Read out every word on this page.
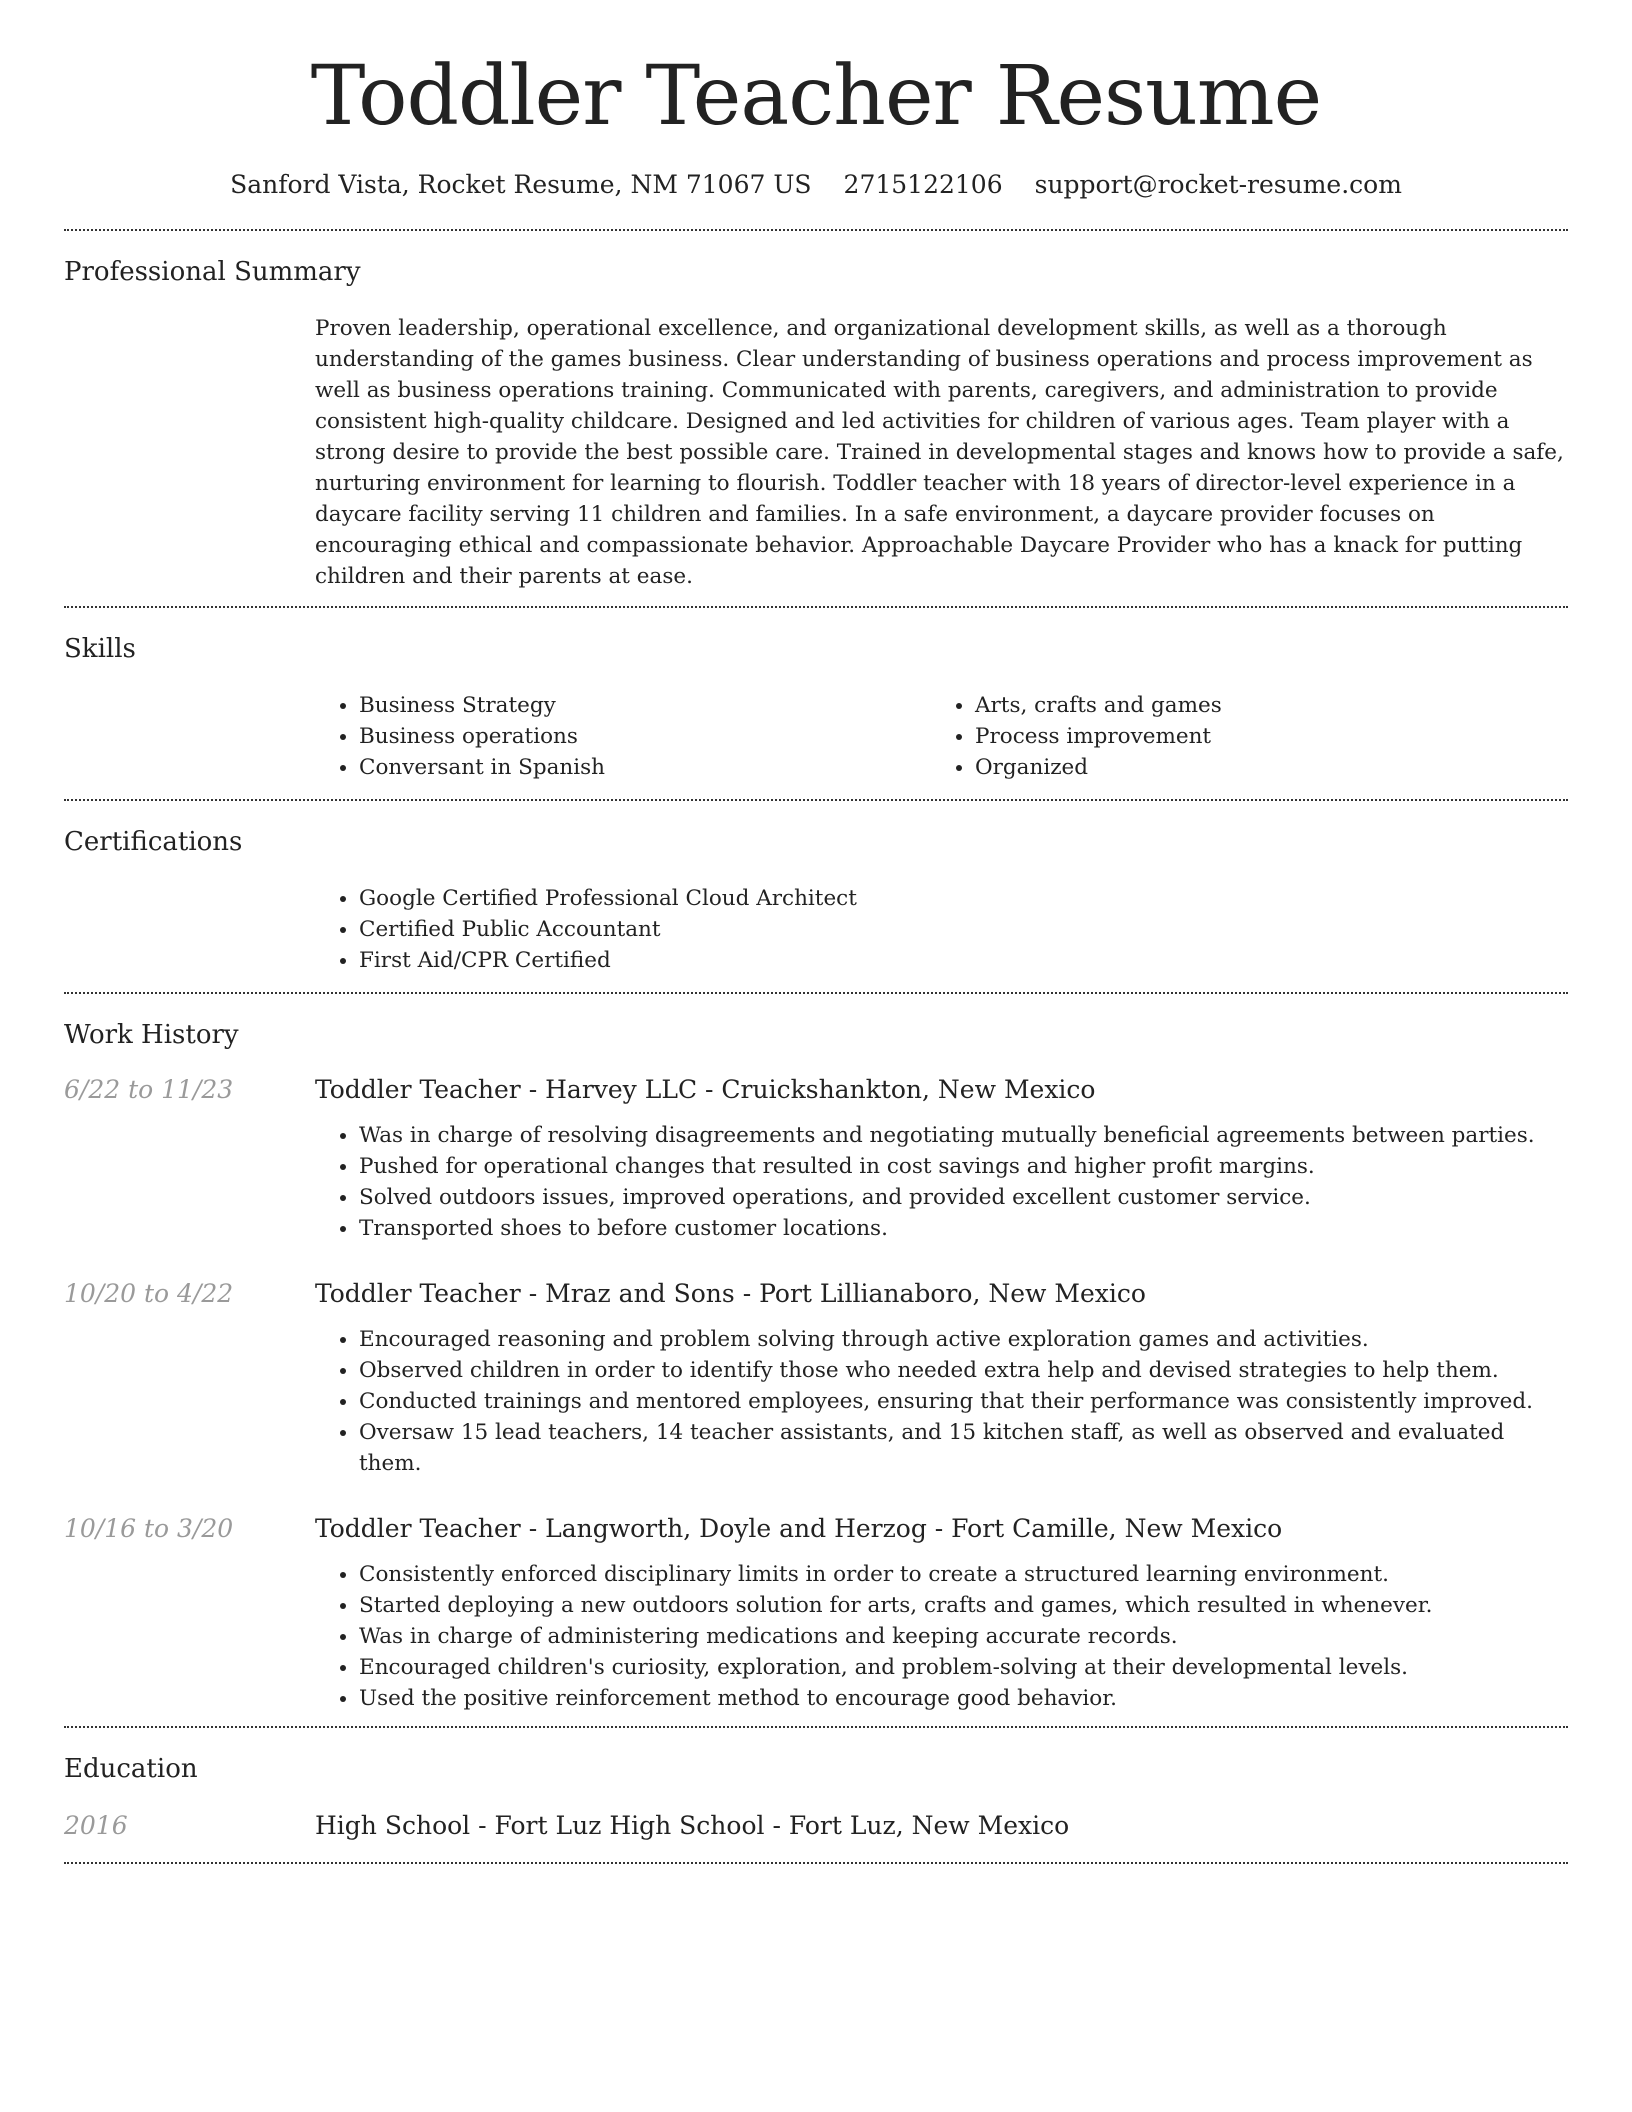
Toddler Teacher Resume
Sanford Vista, Rocket Resume, NM 71067 US 2715122106 support@rocket-resume.com
Professional Summary

Proven leadership, operational excellence, and organizational development skills, as well as a thorough understanding of the games business. Clear understanding of business operations and process improvement as well as business operations training. Communicated with parents, caregivers, and administration to provide consistent high-quality childcare. Designed and led activities for children of various ages. Team player with a strong desire to provide the best possible care. Trained in developmental stages and knows how to provide a safe, nurturing environment for learning to flourish. Toddler teacher with 18 years of director-level experience in a daycare facility serving 11 children and families. In a safe environment, a daycare provider focuses on encouraging ethical and compassionate behavior. Approachable Daycare Provider who has a knack for putting children and their parents at ease.

Skills
• Business Strategy
• Business operations
• Conversant in Spanish
• Arts, crafts and games
• Process improvement
• Organized
Certifications
• Google Certified Professional Cloud Architect
• Certified Public Accountant
• First Aid/CPR Certified
Work History
6/22 to 11/23	Toddler Teacher - Harvey LLC - Cruickshankton, New Mexico

• Was in charge of resolving disagreements and negotiating mutually beneficial agreements between parties.
• Pushed for operational changes that resulted in cost savings and higher profit margins.
• Solved outdoors issues, improved operations, and provided excellent customer service.
• Transported shoes to before customer locations.
10/20 to 4/22	Toddler Teacher - Mraz and Sons - Port Lillianaboro, New Mexico

• Encouraged reasoning and problem solving through active exploration games and activities.
• Observed children in order to identify those who needed extra help and devised strategies to help them.
• Conducted trainings and mentored employees, ensuring that their performance was consistently improved.
• Oversaw 15 lead teachers, 14 teacher assistants, and 15 kitchen staff, as well as observed and evaluated them.
10/16 to 3/20	Toddler Teacher - Langworth, Doyle and Herzog - Fort Camille, New Mexico

• Consistently enforced disciplinary limits in order to create a structured learning environment.
• Started deploying a new outdoors solution for arts, crafts and games, which resulted in whenever.
• Was in charge of administering medications and keeping accurate records.
• Encouraged children's curiosity, exploration, and problem-solving at their developmental levels.
• Used the positive reinforcement method to encourage good behavior.
Education
2016	High School - Fort Luz High School - Fort Luz, New Mexico
